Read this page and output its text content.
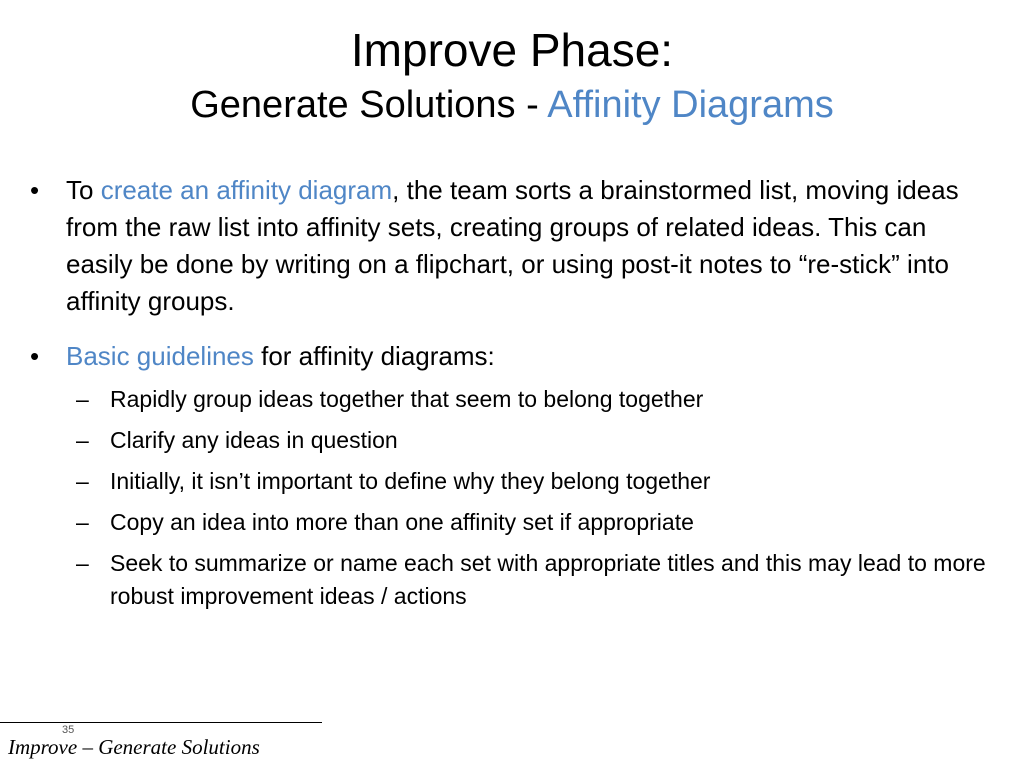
Improve Phase:
Generate Solutions - Affinity Diagrams
•	To create an affinity diagram, the team sorts a brainstormed list, moving ideas from the raw list into affinity sets, creating groups of related ideas. This can easily be done by writing on a flipchart, or using post-it notes to “re-stick” into affinity groups.
•	Basic guidelines for affinity diagrams:
– Rapidly group ideas together that seem to belong together
– Clarify any ideas in question
– Initially, it isn’t important to define why they belong together
– Copy an idea into more than one affinity set if appropriate
– Seek to summarize or name each set with appropriate titles and this may lead to more robust improvement ideas / actions
35
Improve – Generate Solutions
